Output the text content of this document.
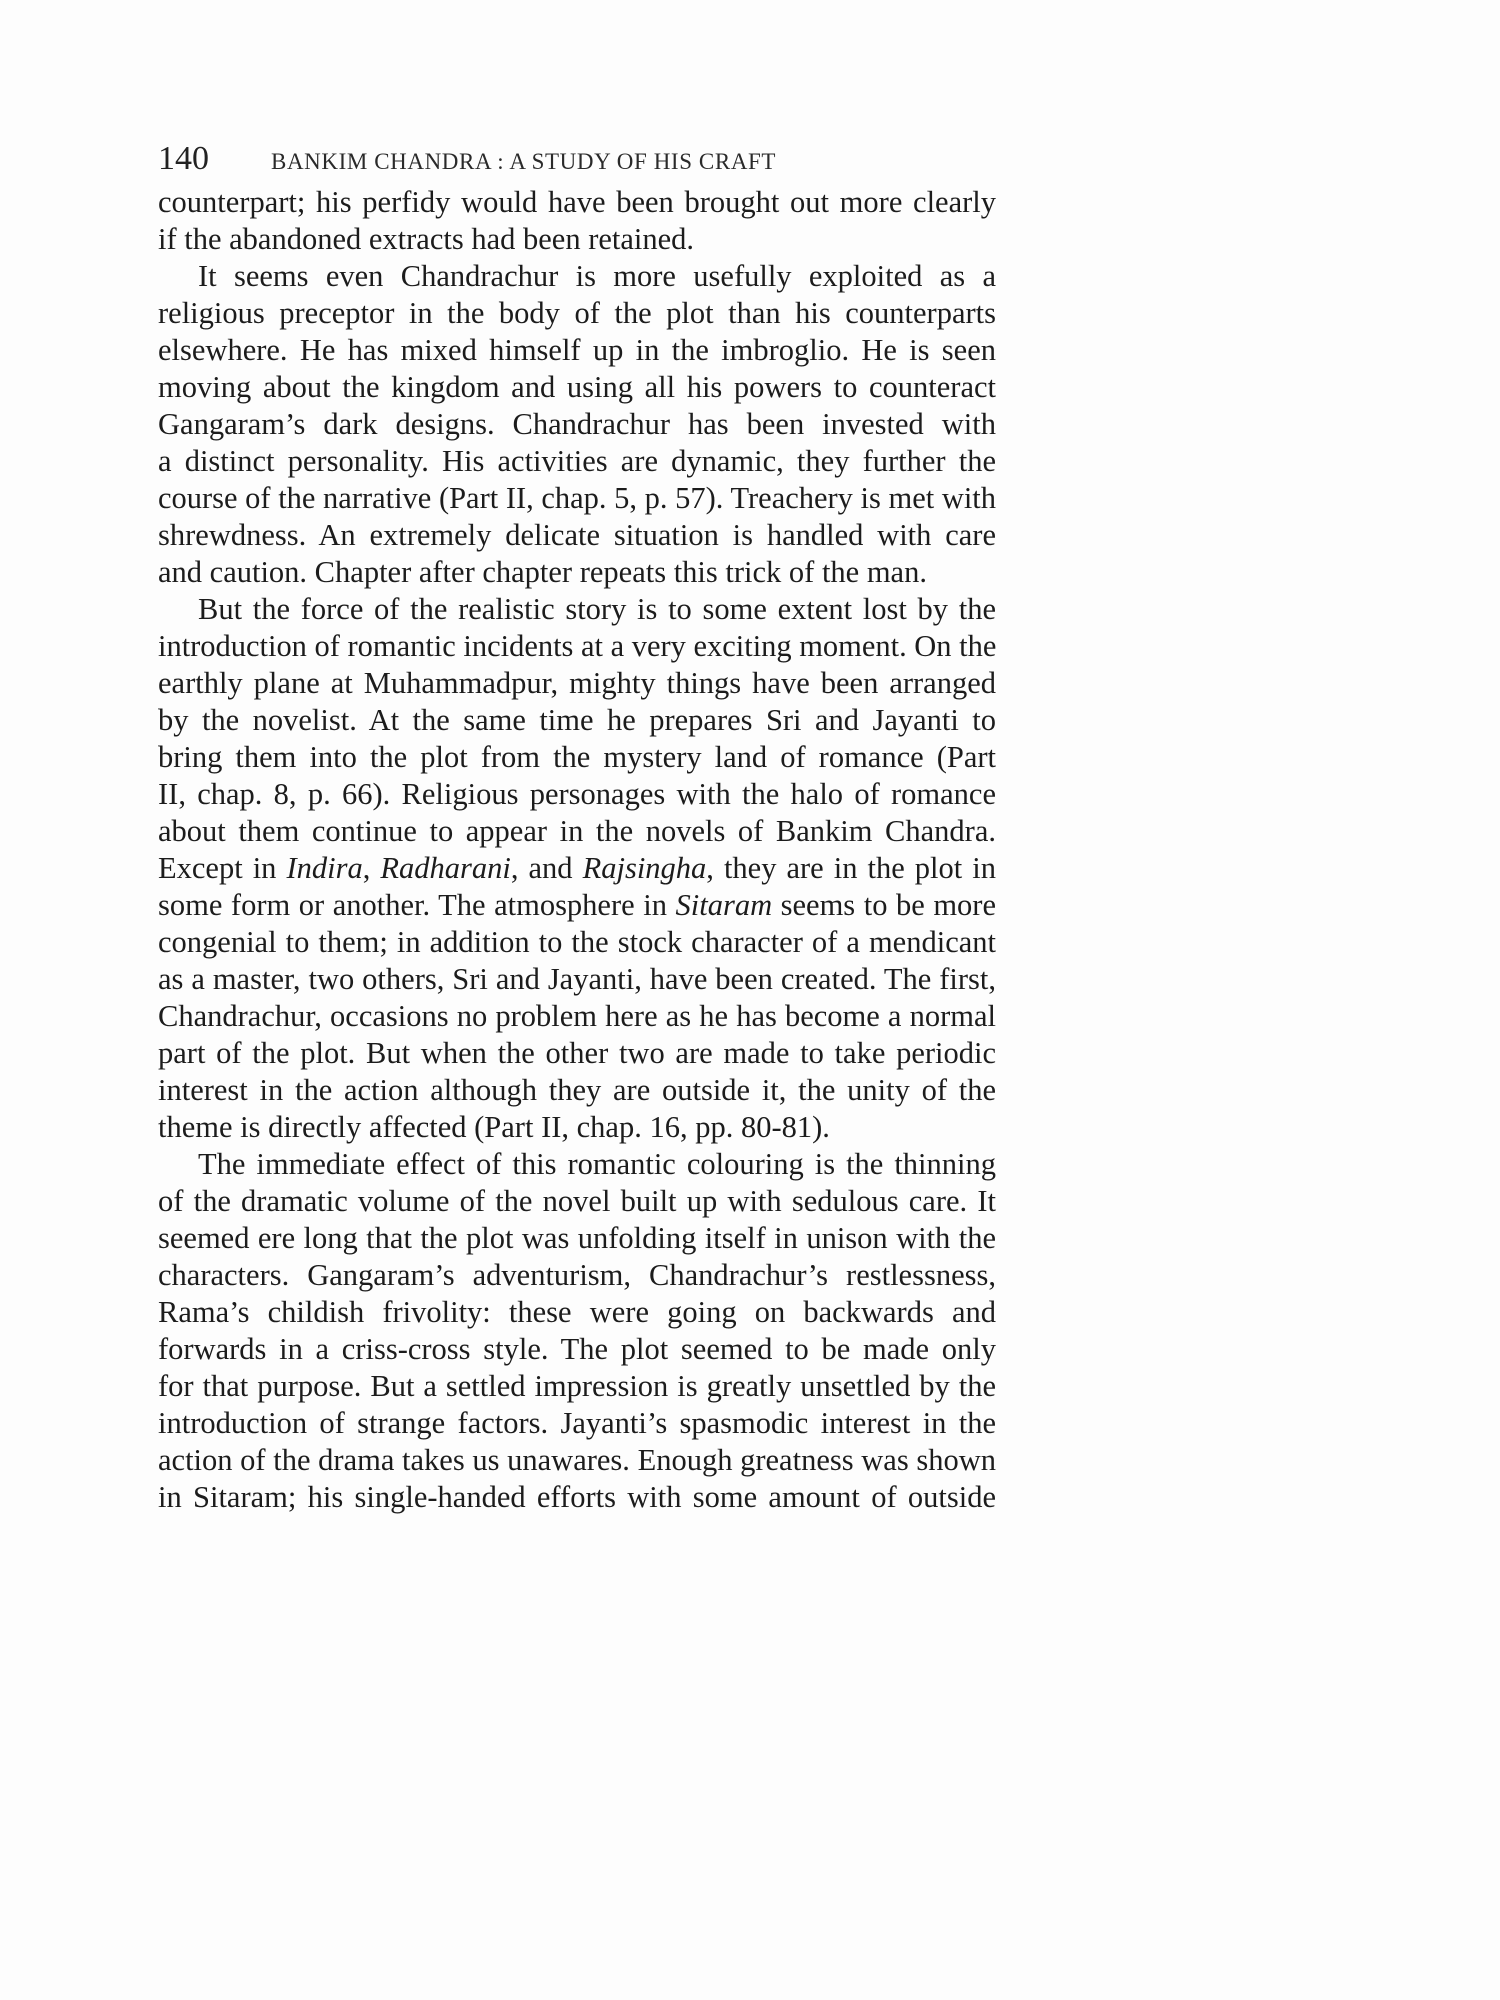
140	BANKIM CHANDRA : A STUDY OF HIS CRAFT
counterpart; his perfidy would have been brought out more clearly
if the abandoned extracts had been retained.
It seems even Chandrachur is more usefully exploited as a
religious preceptor in the body of the plot than his counterparts
elsewhere. He has mixed himself up in the imbroglio. He is seen
moving about the kingdom and using all his powers to counteract
Gangaram’s dark designs. Chandrachur has been invested with
a distinct personality. His activities are dynamic, they further the
course of the narrative (Part II, chap. 5, p. 57). Treachery is met with
shrewdness. An extremely delicate situation is handled with care
and caution. Chapter after chapter repeats this trick of the man.
But the force of the realistic story is to some extent lost by the
introduction of romantic incidents at a very exciting moment. On the
earthly plane at Muhammadpur, mighty things have been arranged
by the novelist. At the same time he prepares Sri and Jayanti to
bring them into the plot from the mystery land of romance (Part
II, chap. 8, p. 66). Religious personages with the halo of romance
about them continue to appear in the novels of Bankim Chandra.
Except in Indira, Radharani, and Rajsingha, they are in the plot in
some form or another. The atmosphere in Sitaram seems to be more
congenial to them; in addition to the stock character of a mendicant
as a master, two others, Sri and Jayanti, have been created. The first,
Chandrachur, occasions no problem here as he has become a normal
part of the plot. But when the other two are made to take periodic
interest in the action although they are outside it, the unity of the
theme is directly affected (Part II, chap. 16, pp. 80-81).
The immediate effect of this romantic colouring is the thinning
of the dramatic volume of the novel built up with sedulous care. It
seemed ere long that the plot was unfolding itself in unison with the
characters. Gangaram’s adventurism, Chandrachur’s restlessness,
Rama’s childish frivolity: these were going on backwards and
forwards in a criss-cross style. The plot seemed to be made only
for that purpose. But a settled impression is greatly unsettled by the
introduction of strange factors. Jayanti’s spasmodic interest in the
action of the drama takes us unawares. Enough greatness was shown
in Sitaram; his single-handed efforts with some amount of outside
